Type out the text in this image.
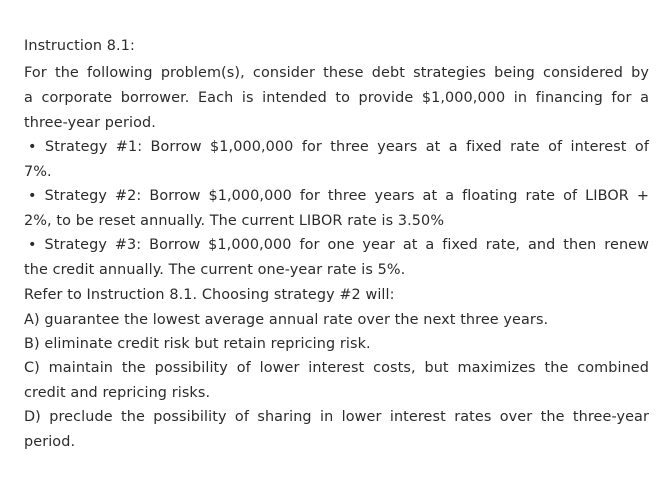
Instruction 8.1:
For the following problem(s), consider these debt strategies being considered by
a corporate borrower. Each is intended to provide $1,000,000 in financing for a
three-year period.
• Strategy #1: Borrow $1,000,000 for three years at a fixed rate of interest of
7%.
• Strategy #2: Borrow $1,000,000 for three years at a floating rate of LIBOR +
2%, to be reset annually. The current LIBOR rate is 3.50%
• Strategy #3: Borrow $1,000,000 for one year at a fixed rate, and then renew
the credit annually. The current one-year rate is 5%.
Refer to Instruction 8.1. Choosing strategy #2 will:
A) guarantee the lowest average annual rate over the next three years.
B) eliminate credit risk but retain repricing risk.
C) maintain the possibility of lower interest costs, but maximizes the combined
credit and repricing risks.
D) preclude the possibility of sharing in lower interest rates over the three-year
period.
